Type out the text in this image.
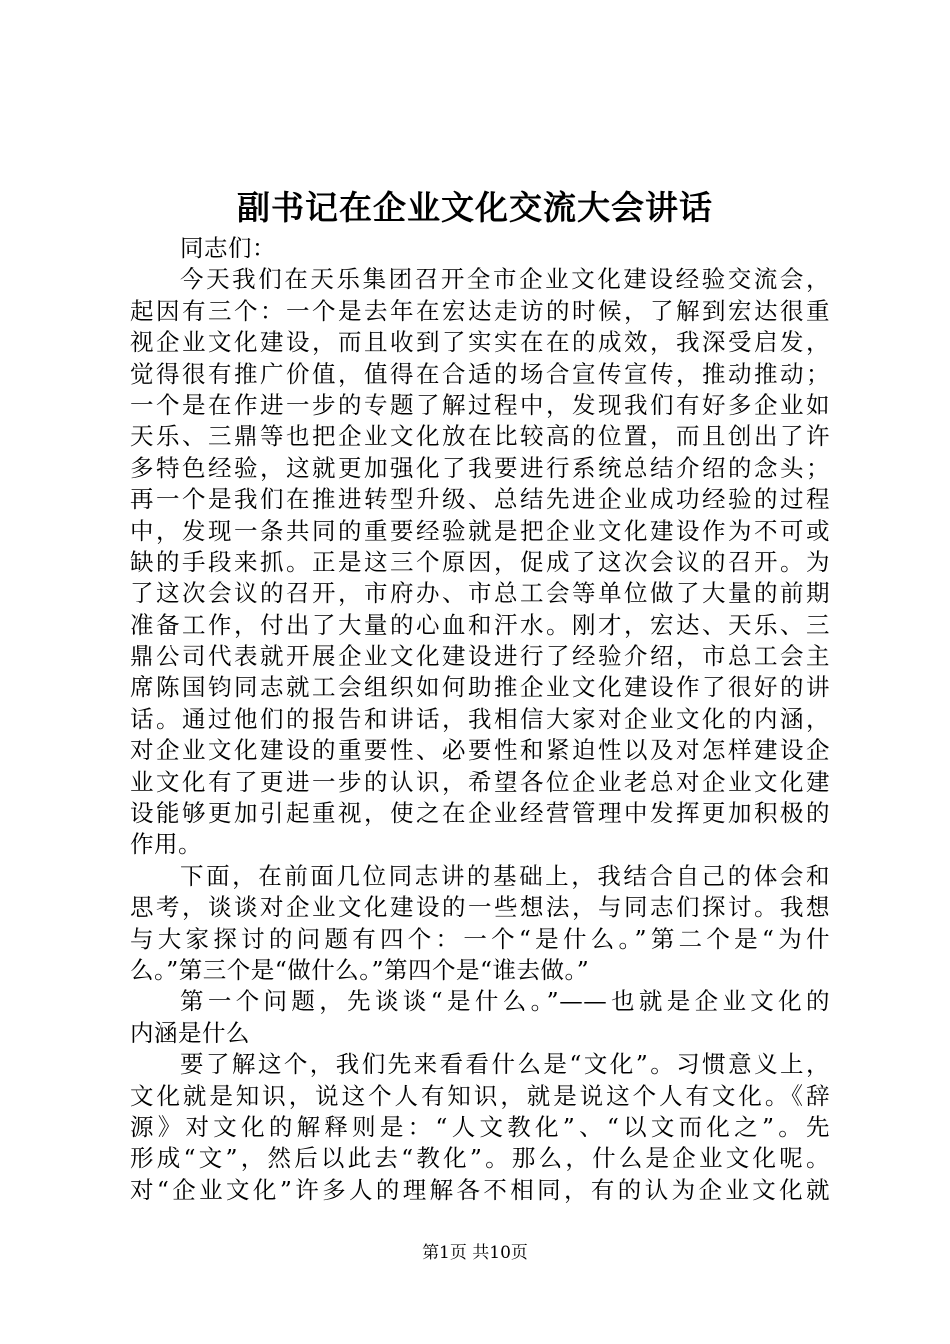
副书记在企业文化交流大会讲话
同志们：
今天我们在天乐集团召开全市企业文化建设经验交流会，
起因有三个：一个是去年在宏达走访的时候，了解到宏达很重
视企业文化建设，而且收到了实实在在的成效，我深受启发，
觉得很有推广价值，值得在合适的场合宣传宣传，推动推动；
一个是在作进一步的专题了解过程中，发现我们有好多企业如
天乐、三鼎等也把企业文化放在比较高的位置，而且创出了许
多特色经验，这就更加强化了我要进行系统总结介绍的念头；
再一个是我们在推进转型升级、总结先进企业成功经验的过程
中，发现一条共同的重要经验就是把企业文化建设作为不可或
缺的手段来抓。正是这三个原因，促成了这次会议的召开。为
了这次会议的召开，市府办、市总工会等单位做了大量的前期
准备工作，付出了大量的心血和汗水。刚才，宏达、天乐、三
鼎公司代表就开展企业文化建设进行了经验介绍，市总工会主
席陈国钧同志就工会组织如何助推企业文化建设作了很好的讲
话。通过他们的报告和讲话，我相信大家对企业文化的内涵，
对企业文化建设的重要性、必要性和紧迫性以及对怎样建设企
业文化有了更进一步的认识，希望各位企业老总对企业文化建
设能够更加引起重视，使之在企业经营管理中发挥更加积极的
作用。
下面，在前面几位同志讲的基础上，我结合自己的体会和
思考，谈谈对企业文化建设的一些想法，与同志们探讨。我想
与大家探讨的问题有四个：一个“是什么。”第二个是“为什
么。”第三个是“做什么。”第四个是“谁去做。”
第一个问题，先谈谈“是什么。”——也就是企业文化的
内涵是什么
要了解这个，我们先来看看什么是“文化”。习惯意义上，
文化就是知识，说这个人有知识，就是说这个人有文化。《辞
源》对文化的解释则是：“人文教化”、“以文而化之”。先
形成“文”，然后以此去“教化”。那么，什么是企业文化呢。
对“企业文化”许多人的理解各不相同，有的认为企业文化就
第1页 共10页
